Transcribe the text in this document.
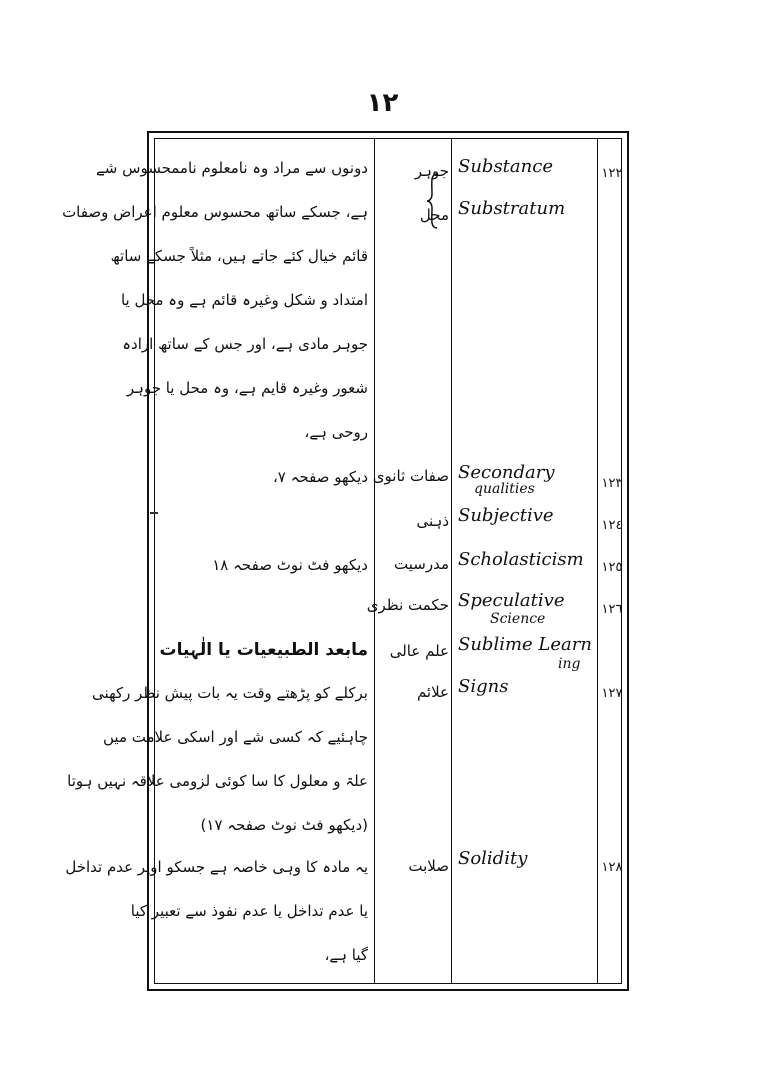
١٢
١٢٢
Substance
Substratum
جوہر
محل
دونوں سے مراد وہ نامعلوم ناممحسوس شے
ہے، جسکے ساتھ محسوس معلوم اعراض وصفات
قائم خیال کئے جاتے ہیں، مثلاً جسکے ساتھ
امتداد و شکل وغیرہ قائم ہے وہ محل یا
جوہر مادی ہے، اور جس کے ساتھ ارادہ
شعور وغیرہ قایم ہے، وہ محل یا جوہر
روحی ہے،
١٢٣
Secondary
qualities
صفات ثانوی
دیکھو صفحہ ٧،
١٢٤
Subjective
ذہنی
١٢٥
Scholasticism
مدرسیت
دیکھو فٹ نوٹ صفحہ ١٨
١٢٦
Speculative
Science
حکمت نظری
Sublime Learn
ing
علم عالی
مابعد الطبیعیات یا الٰہیات
١٢٧
Signs
علائم
برکلے کو پڑھتے وقت یہ بات پیش نظر رکھنی
چاہئیے کہ کسی شے اور اسکی علامت میں
علۃ و معلول کا سا کوئی لزومی علاقہ نہیں ہوتا
(دیکھو فٹ نوٹ صفحہ ١٧)
١٢٨
Solidity
صلابت
یہ مادہ کا وہی خاصہ ہے جسکو اوپر عدم تداخل
یا عدم تداخل یا عدم نفوذ سے تعبیر کیا
گیا ہے،
